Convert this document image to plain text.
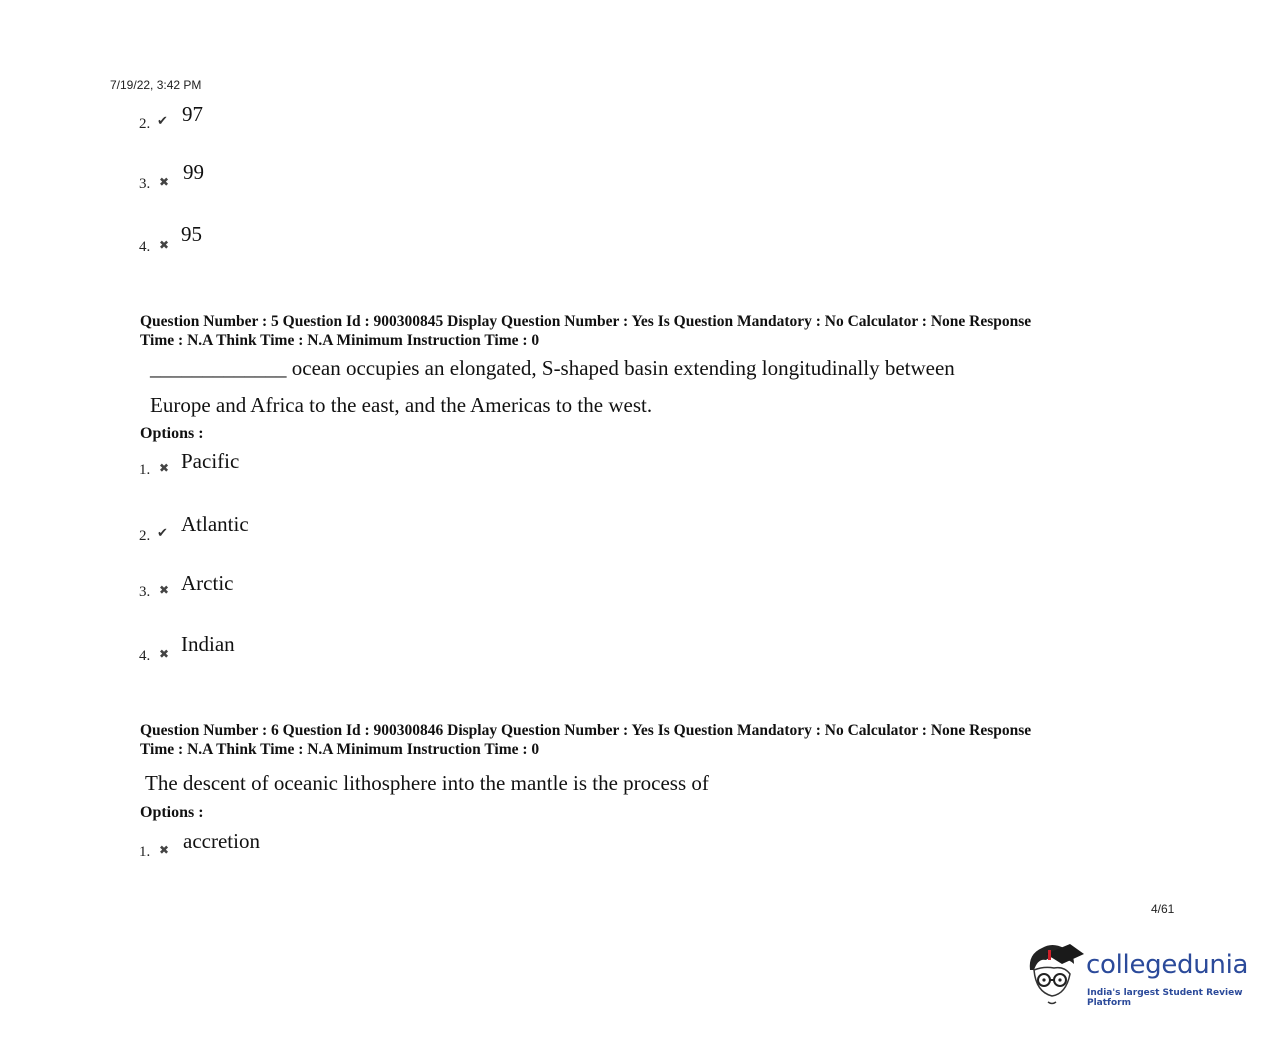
7/19/22, 3:42 PM
2. ✔ 97
3. ✖ 99
4. ✖ 95
Question Number : 5 Question Id : 900300845 Display Question Number : Yes Is Question Mandatory : No Calculator : None Response
Time : N.A Think Time : N.A Minimum Instruction Time : 0
_____________ ocean occupies an elongated, S-shaped basin extending longitudinally between
Europe and Africa to the east, and the Americas to the west.
Options :
1. ✖ Pacific
2. ✔ Atlantic
3. ✖ Arctic
4. ✖ Indian
Question Number : 6 Question Id : 900300846 Display Question Number : Yes Is Question Mandatory : No Calculator : None Response
Time : N.A Think Time : N.A Minimum Instruction Time : 0
The descent of oceanic lithosphere into the mantle is the process of
Options :
1. ✖ accretion
4/61
collegedunia
India's largest Student Review Platform
